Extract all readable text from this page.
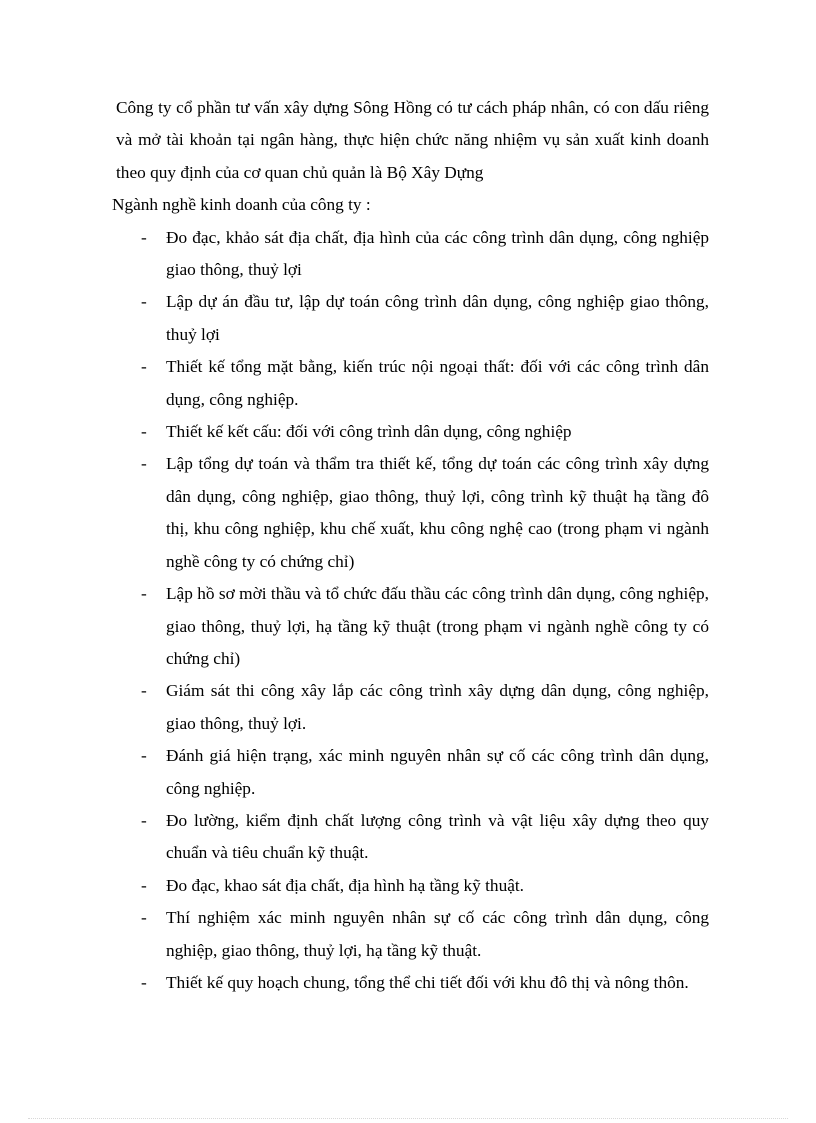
Công ty cổ phần tư vấn xây dựng Sông Hồng có tư cách pháp nhân, có con dấu riêng và mở tài khoản tại ngân hàng, thực hiện chức năng nhiệm vụ sản xuất kinh doanh theo quy định của cơ quan chủ quản là Bộ Xây Dựng

Ngành nghề kinh doanh của công ty :

- Đo đạc, khảo sát địa chất, địa hình của các công trình dân dụng, công nghiệp giao thông, thuỷ lợi
- Lập dự án đầu tư, lập dự toán công trình dân dụng, công nghiệp giao thông, thuỷ lợi
- Thiết kế tổng mặt bằng, kiến trúc nội ngoại thất: đối với các công trình dân dụng, công nghiệp.
- Thiết kế kết cấu: đối với công trình dân dụng, công nghiệp
- Lập tổng dự toán và thẩm tra thiết kế, tổng dự toán các công trình xây dựng dân dụng, công nghiệp, giao thông, thuỷ lợi, công trình kỹ thuật hạ tầng đô thị, khu công nghiệp, khu chế xuất, khu công nghệ cao (trong phạm vi ngành nghề công ty có chứng chỉ)
- Lập hồ sơ mời thầu và tổ chức đấu thầu các công trình dân dụng, công nghiệp, giao thông, thuỷ lợi, hạ tầng kỹ thuật (trong phạm vi ngành nghề công ty có chứng chỉ)
- Giám sát thi công xây lắp các công trình xây dựng dân dụng, công nghiệp, giao thông, thuỷ lợi.
- Đánh giá hiện trạng, xác minh nguyên nhân sự cố các công trình dân dụng, công nghiệp.
- Đo lường, kiểm định chất lượng công trình và vật liệu xây dựng theo quy chuẩn và tiêu chuẩn kỹ thuật.
- Đo đạc, khao sát địa chất, địa hình hạ tầng kỹ thuật.
- Thí nghiệm xác minh nguyên nhân sự cố các công trình dân dụng, công nghiệp, giao thông, thuỷ lợi, hạ tầng kỹ thuật.
- Thiết kế quy hoạch chung, tổng thể chi tiết đối với khu đô thị và nông thôn.
